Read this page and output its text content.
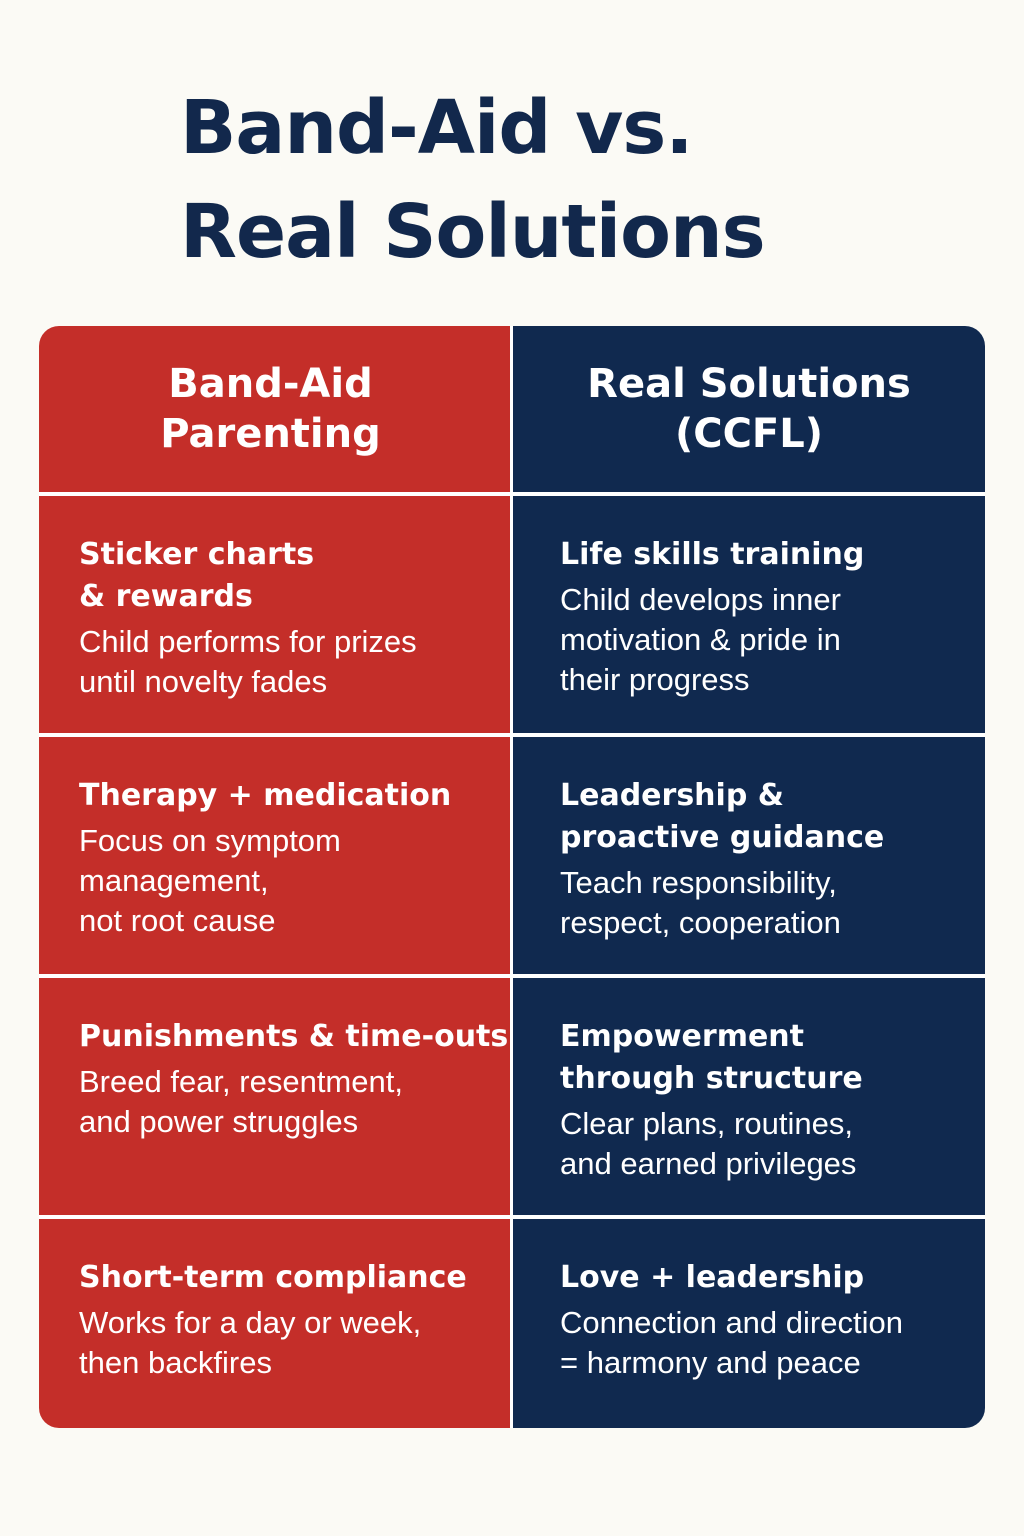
Band-Aid vs.
Real Solutions
Band-Aid
Parenting
Sticker charts
& rewards
Child performs for prizes
until novelty fades
Therapy + medication
Focus on symptom
management,
not root cause
Punishments & time-outs
Breed fear, resentment,
and power struggles
Short-term compliance
Works for a day or week,
then backfires
Real Solutions
(CCFL)
Life skills training
Child develops inner
motivation & pride in
their progress
Leadership &
proactive guidance
Teach responsibility,
respect, cooperation
Empowerment
through structure
Clear plans, routines,
and earned privileges
Love + leadership
Connection and direction
= harmony and peace
